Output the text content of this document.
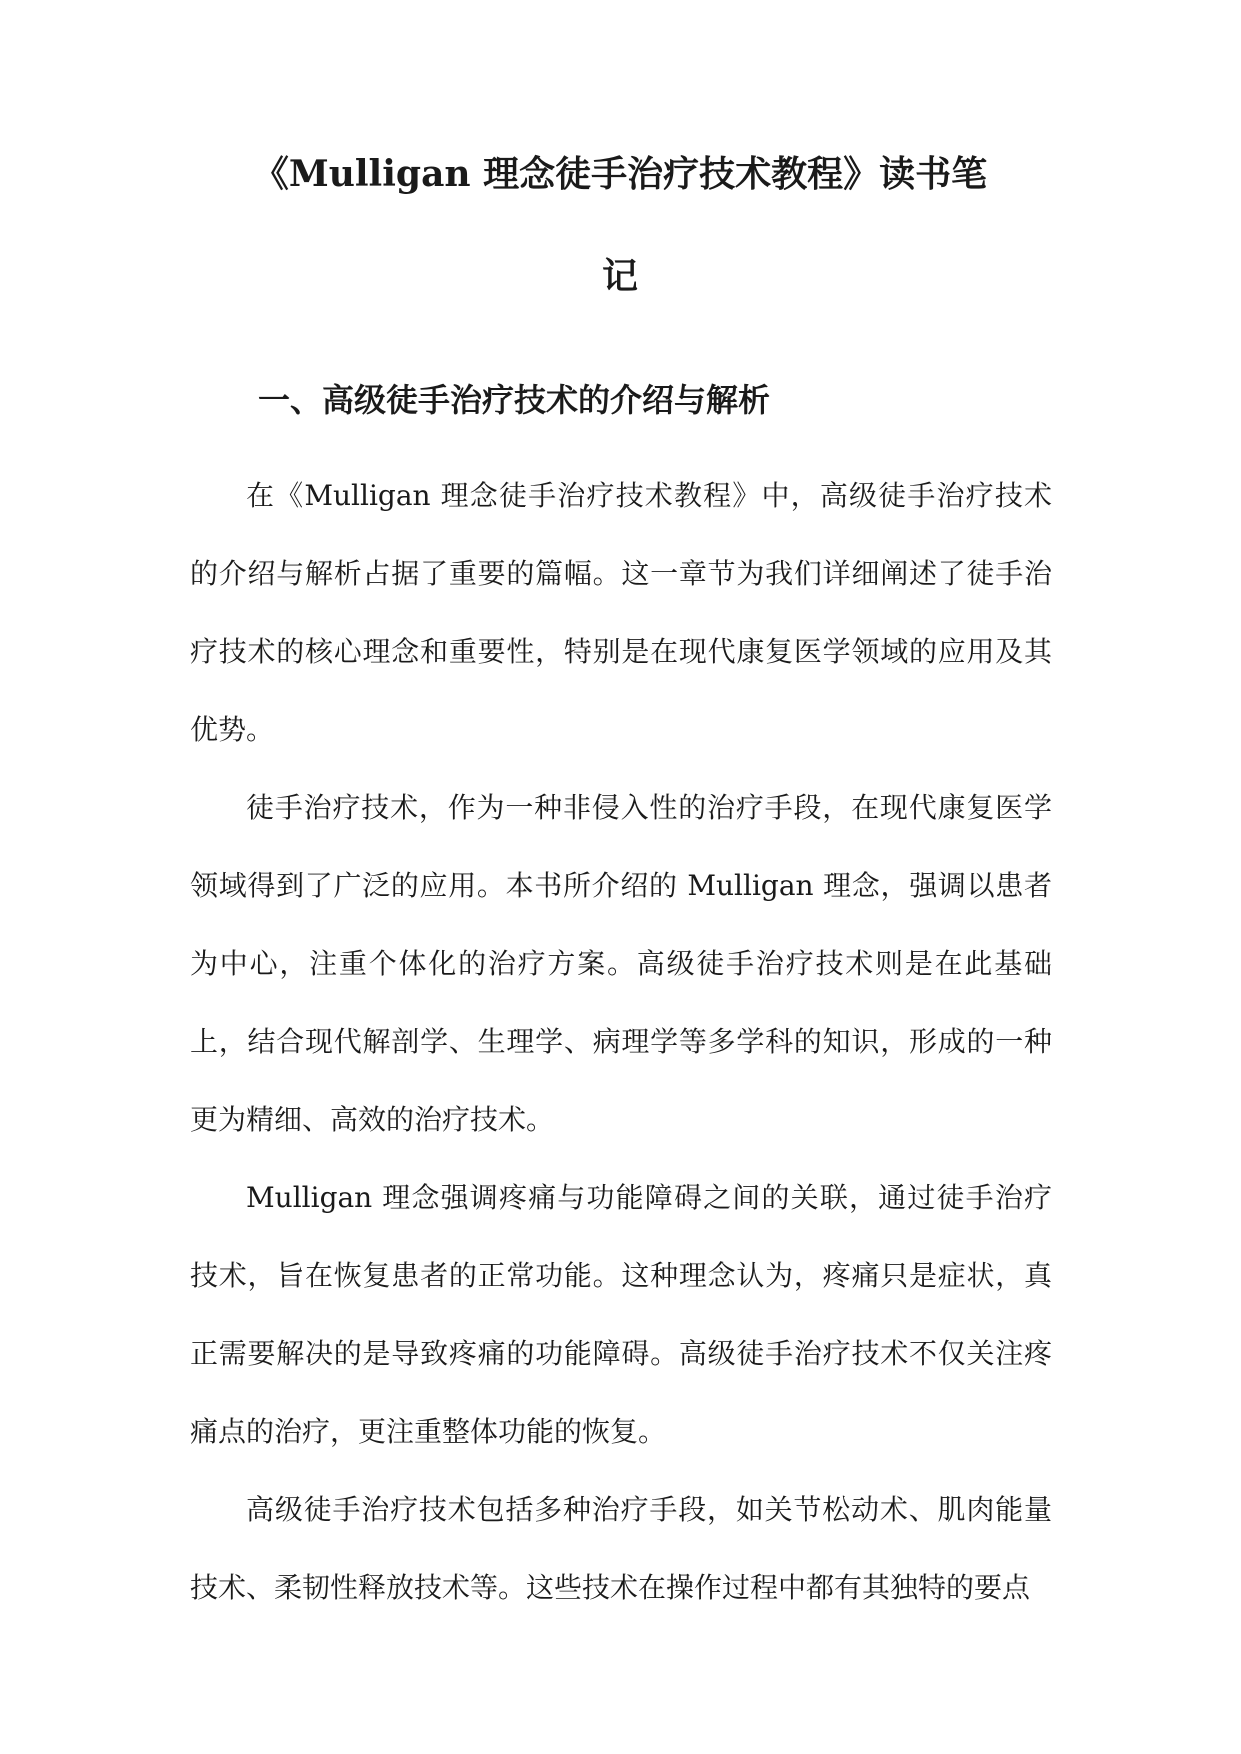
《Mulligan 理念徒手治疗技术教程》读书笔
记
一、高级徒手治疗技术的介绍与解析

在《Mulligan 理念徒手治疗技术教程》中，高级徒手治疗技术的介绍与解析占据了重要的篇幅。这一章节为我们详细阐述了徒手治疗技术的核心理念和重要性，特别是在现代康复医学领域的应用及其优势。

徒手治疗技术，作为一种非侵入性的治疗手段，在现代康复医学领域得到了广泛的应用。本书所介绍的 Mulligan 理念，强调以患者为中心，注重个体化的治疗方案。高级徒手治疗技术则是在此基础上，结合现代解剖学、生理学、病理学等多学科的知识，形成的一种更为精细、高效的治疗技术。

Mulligan 理念强调疼痛与功能障碍之间的关联，通过徒手治疗技术，旨在恢复患者的正常功能。这种理念认为，疼痛只是症状，真正需要解决的是导致疼痛的功能障碍。高级徒手治疗技术不仅关注疼痛点的治疗，更注重整体功能的恢复。

高级徒手治疗技术包括多种治疗手段，如关节松动术、肌肉能量技术、柔韧性释放技术等。这些技术在操作过程中都有其独特的要点
